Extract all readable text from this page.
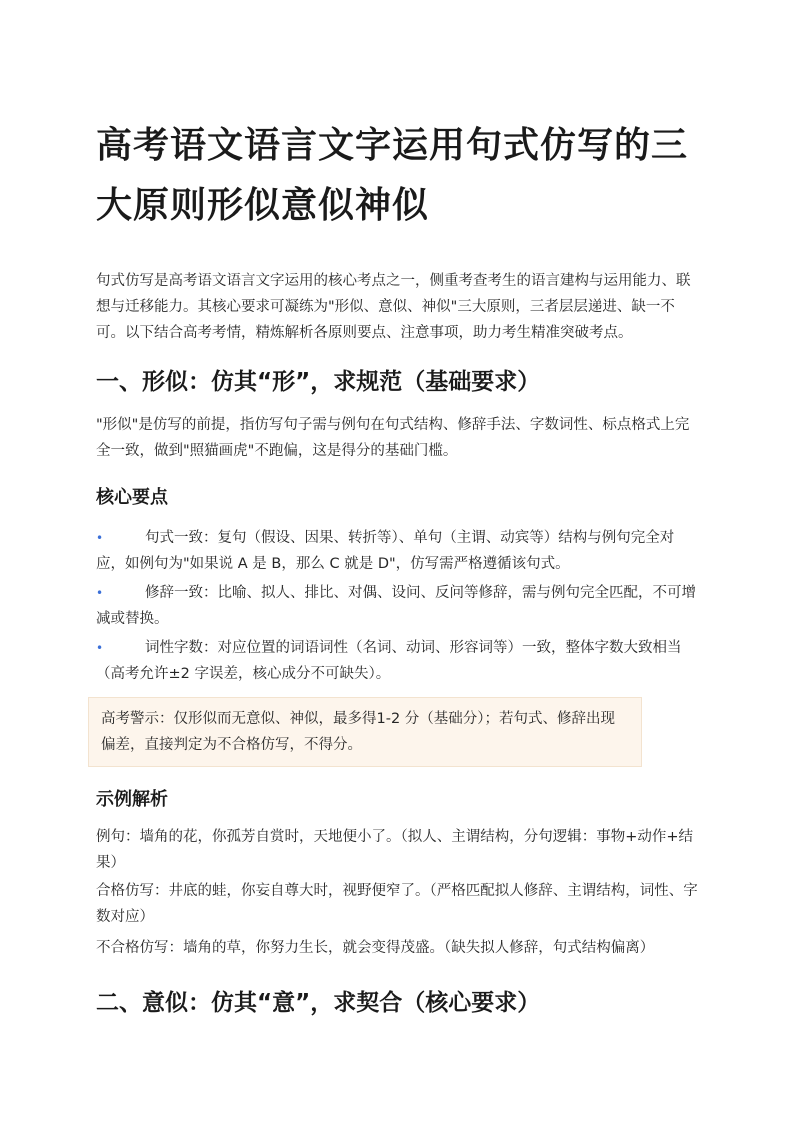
高考语文语言文字运用句式仿写的三大原则形似意似神似
句式仿写是高考语文语言文字运用的核心考点之一，侧重考查考生的语言建构与运用能力、联想与迁移能力。其核心要求可凝练为"形似、意似、神似"三大原则，三者层层递进、缺一不可。以下结合高考考情，精炼解析各原则要点、注意事项，助力考生精准突破考点。
一、形似：仿其“形”，求规范（基础要求）
"形似"是仿写的前提，指仿写句子需与例句在句式结构、修辞手法、字数词性、标点格式上完全一致，做到"照猫画虎"不跑偏，这是得分的基础门槛。
核心要点
•	句式一致：复句（假设、因果、转折等）、单句（主谓、动宾等）结构与例句完全对应，如例句为"如果说 A 是 B，那么 C 就是 D"，仿写需严格遵循该句式。
•	修辞一致：比喻、拟人、排比、对偶、设问、反问等修辞，需与例句完全匹配，不可增减或替换。
•	词性字数：对应位置的词语词性（名词、动词、形容词等）一致，整体字数大致相当（高考允许±2 字误差，核心成分不可缺失）。
高考警示：仅形似而无意似、神似，最多得1-2 分（基础分）；若句式、修辞出现偏差，直接判定为不合格仿写，不得分。
示例解析
例句：墙角的花，你孤芳自赏时，天地便小了。（拟人、主谓结构，分句逻辑：事物+动作+结果）
合格仿写：井底的蛙，你妄自尊大时，视野便窄了。（严格匹配拟人修辞、主谓结构，词性、字数对应）
不合格仿写：墙角的草，你努力生长，就会变得茂盛。（缺失拟人修辞，句式结构偏离）
二、意似：仿其“意”，求契合（核心要求）
